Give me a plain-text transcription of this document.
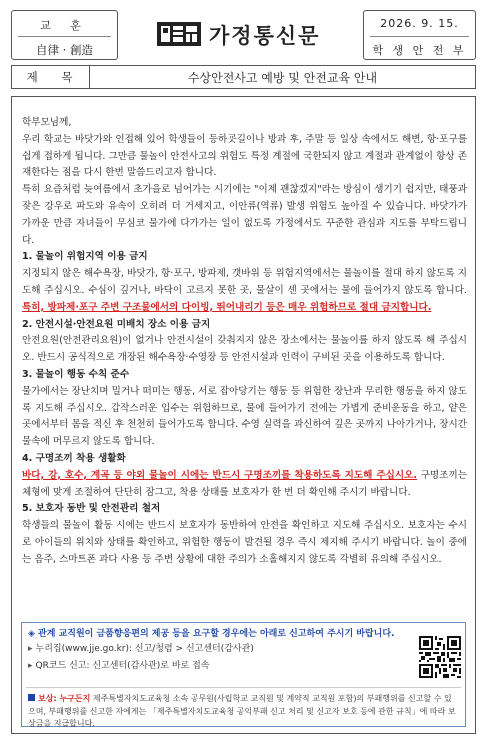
교 훈
自律 · 創造
가정통신문
2026. 9. 15.
학 생 안 전 부
제 목	수상안전사고 예방 및 안전교육 안내

학부모님께,

우리 학교는 바닷가와 인접해 있어 학생들이 등하굣길이나 방과 후, 주말 등 일상 속에서도 해변, 항·포구를 쉽게 접하게 됩니다. 그만큼 물놀이 안전사고의 위험도 특정 계절에 국한되지 않고 계절과 관계없이 항상 존재한다는 점을 다시 한번 말씀드리고자 합니다.

특히 요즘처럼 늦여름에서 초가을로 넘어가는 시기에는 "이제 괜찮겠지"라는 방심이 생기기 쉽지만, 태풍과 잦은 강우로 파도와 유속이 오히려 더 거세지고, 이안류(역류) 발생 위험도 높아질 수 있습니다. 바닷가가 가까운 만큼 자녀들이 무심코 물가에 다가가는 일이 없도록 가정에서도 꾸준한 관심과 지도를 부탁드립니다.

1. 물놀이 위험지역 이용 금지

지정되지 않은 해수욕장, 바닷가, 항·포구, 방파제, 갯바위 등 위험지역에서는 물놀이를 절대 하지 않도록 지도해 주십시오. 수심이 깊거나, 바닥이 고르지 못한 곳, 물살이 센 곳에서는 물에 들어가지 않도록 합니다. 특히, 방파제·포구 주변 구조물에서의 다이빙, 뛰어내리기 등은 매우 위험하므로 절대 금지합니다.

2. 안전시설·안전요원 미배치 장소 이용 금지

안전요원(안전관리요원)이 없거나 안전시설이 갖춰지지 않은 장소에서는 물놀이를 하지 않도록 해 주십시오. 반드시 공식적으로 개장된 해수욕장·수영장 등 안전시설과 인력이 구비된 곳을 이용하도록 합니다.

3. 물놀이 행동 수칙 준수

물가에서는 장난치며 밀거나 떠미는 행동, 서로 잡아당기는 행동 등 위험한 장난과 무리한 행동을 하지 않도록 지도해 주십시오. 갑작스러운 입수는 위험하므로, 물에 들어가기 전에는 가볍게 준비운동을 하고, 얕은 곳에서부터 몸을 적신 후 천천히 들어가도록 합니다. 수영 실력을 과신하여 깊은 곳까지 나아가거나, 장시간 물속에 머무르지 않도록 합니다.

4. 구명조끼 착용 생활화

바다, 강, 호수, 계곡 등 야외 물놀이 시에는 반드시 구명조끼를 착용하도록 지도해 주십시오. 구명조끼는 체형에 맞게 조절하여 단단히 잠그고, 착용 상태를 보호자가 한 번 더 확인해 주시기 바랍니다.

5. 보호자 동반 및 안전관리 철저

학생들의 물놀이 활동 시에는 반드시 보호자가 동반하여 안전을 확인하고 지도해 주십시오. 보호자는 수시로 아이들의 위치와 상태를 확인하고, 위험한 행동이 발견될 경우 즉시 제지해 주시기 바랍니다. 놀이 중에는 음주, 스마트폰 과다 사용 등 주변 상황에 대한 주의가 소홀해지지 않도록 각별히 유의해 주십시오.

◈ 관계 교직원이 금품향응편의 제공 등을 요구할 경우에는 아래로 신고하여 주시기 바랍니다.
▸ 누리집(www.jje.go.kr): 신고/청렴 > 신고센터(감사관)
▸ QR코드 신고: 신고센터(감사관)로 바로 접속
보상: 누구든지 제주특별자치도교육청 소속 공무원(사립학교 교직원 및 계약직 교직원 포함)의 부패행위를 신고할 수 있으며, 부패행위를 신고한 자에게는 「제주특별자치도교육청 공익부패 신고 처리 및 신고자 보호 등에 관한 규칙」에 따라 보상금을 지급합니다.
